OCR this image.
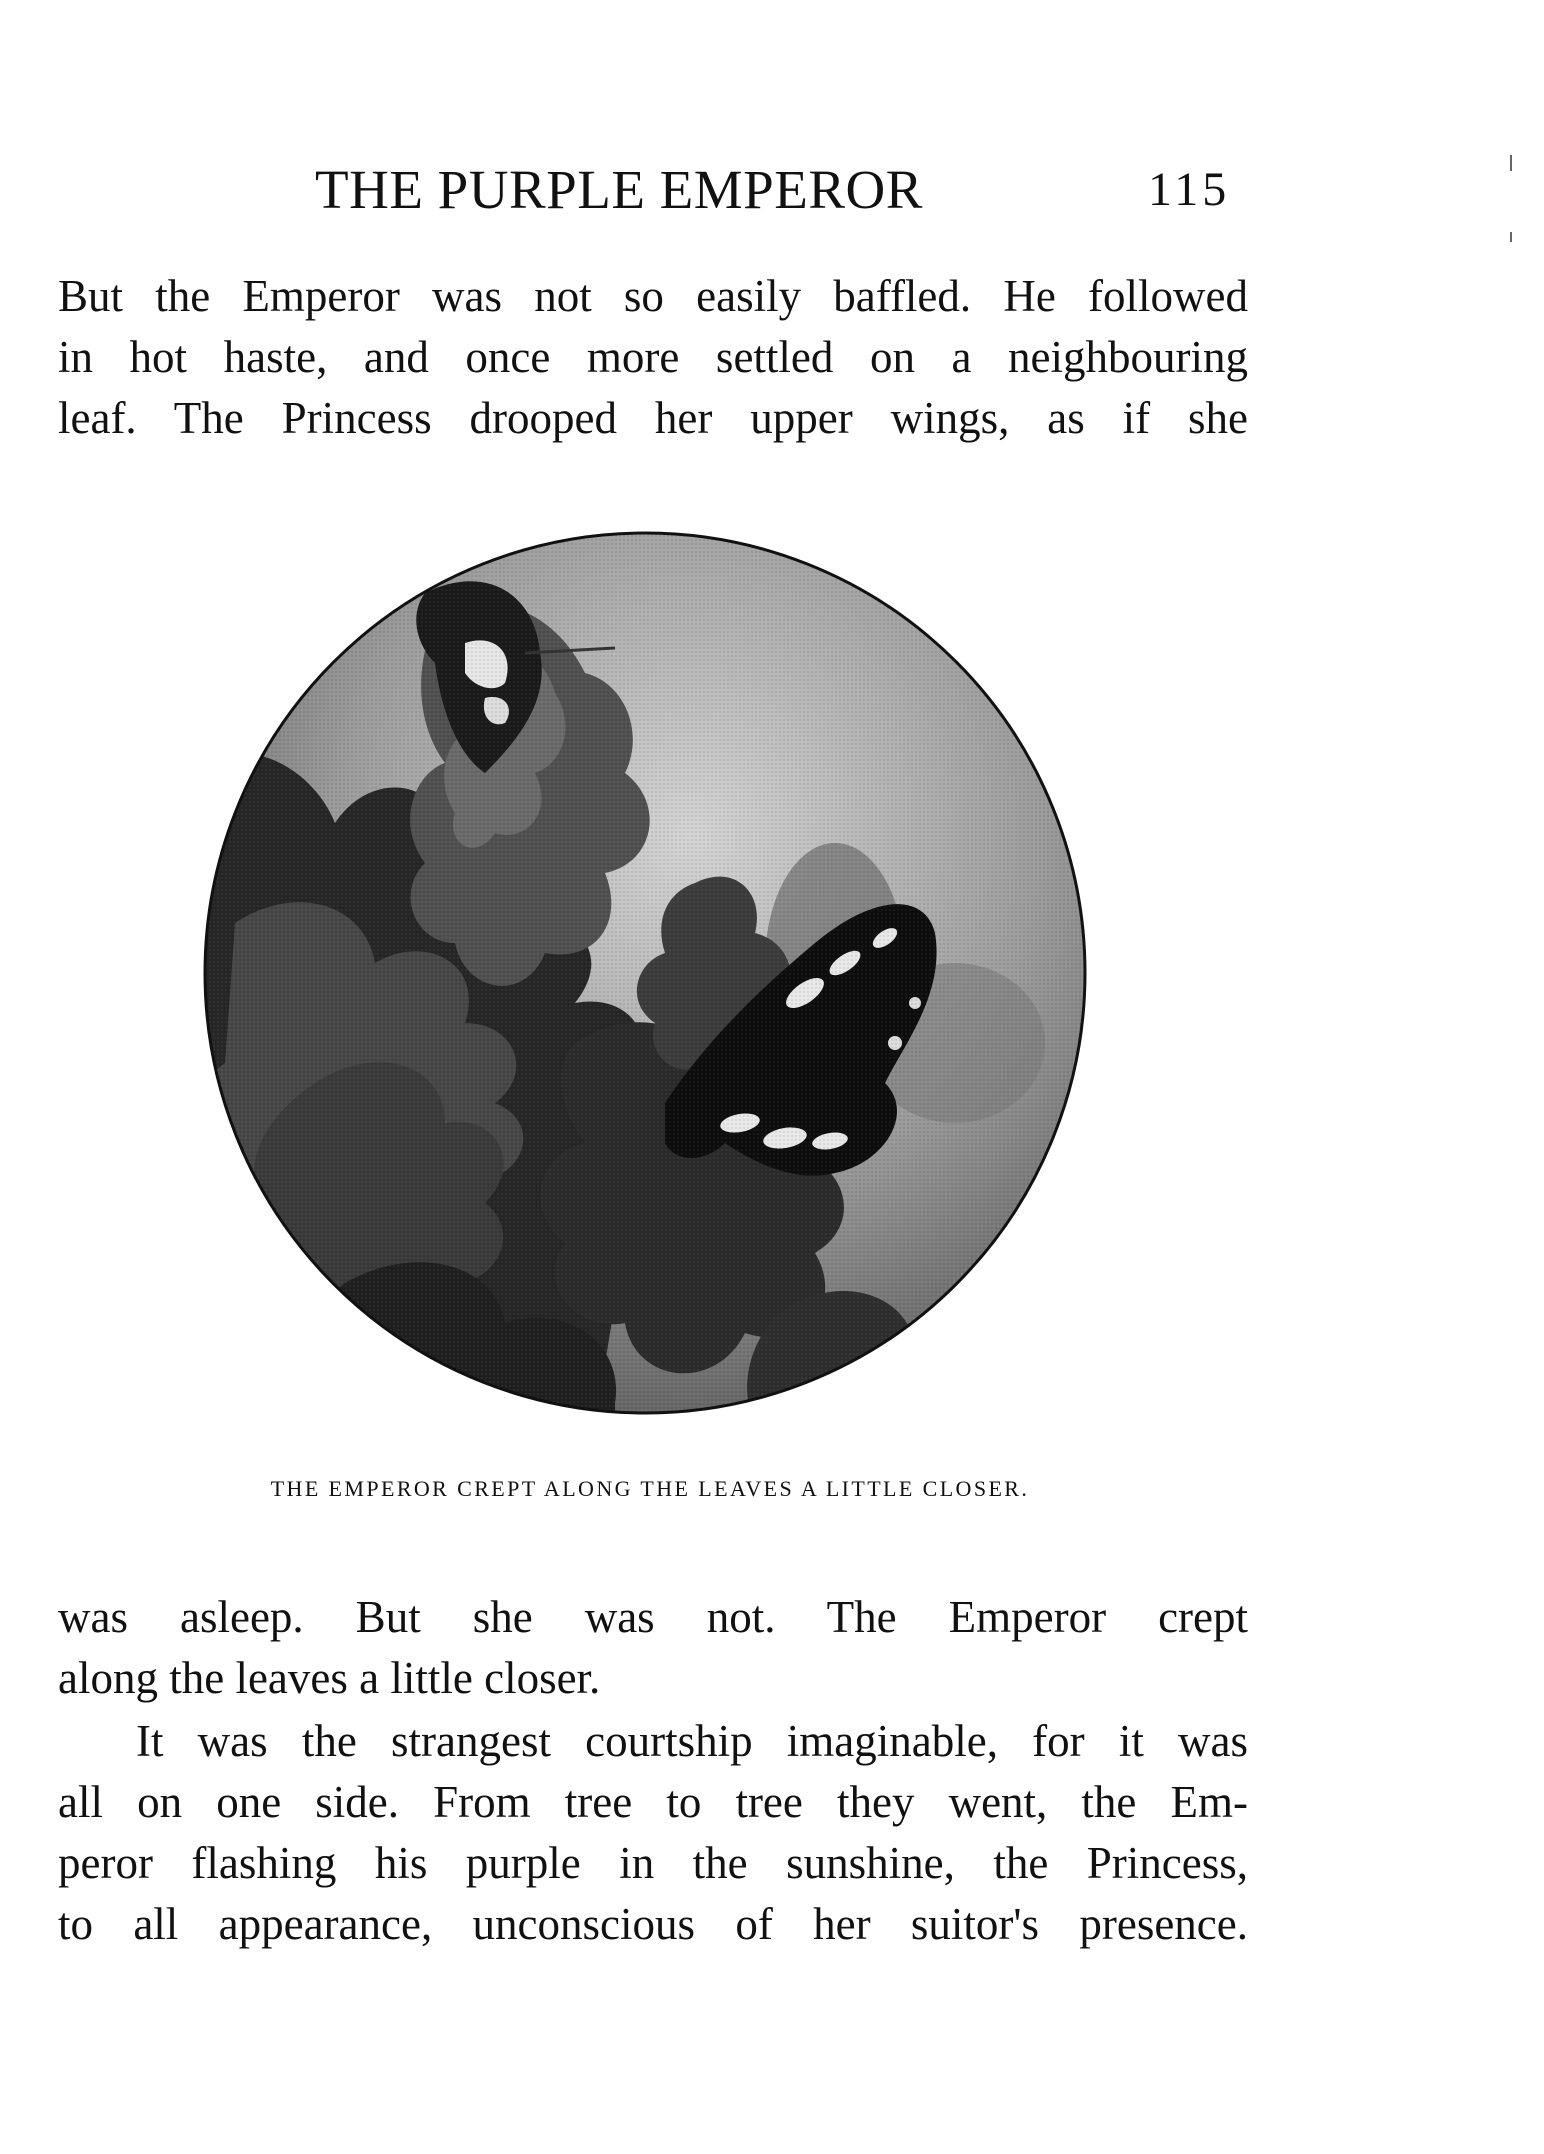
THE PURPLE EMPEROR	115

But the Emperor was not so easily baffled. He followed
in hot haste, and once more settled on a neighbouring
leaf. The Princess drooped her upper wings, as if she

THE EMPEROR CREPT ALONG THE LEAVES A LITTLE CLOSER.

was asleep. But she was not. The Emperor crept
along the leaves a little closer.

It was the strangest courtship imaginable, for it was
all on one side. From tree to tree they went, the Em-
peror flashing his purple in the sunshine, the Princess,
to all appearance, unconscious of her suitor's presence.
